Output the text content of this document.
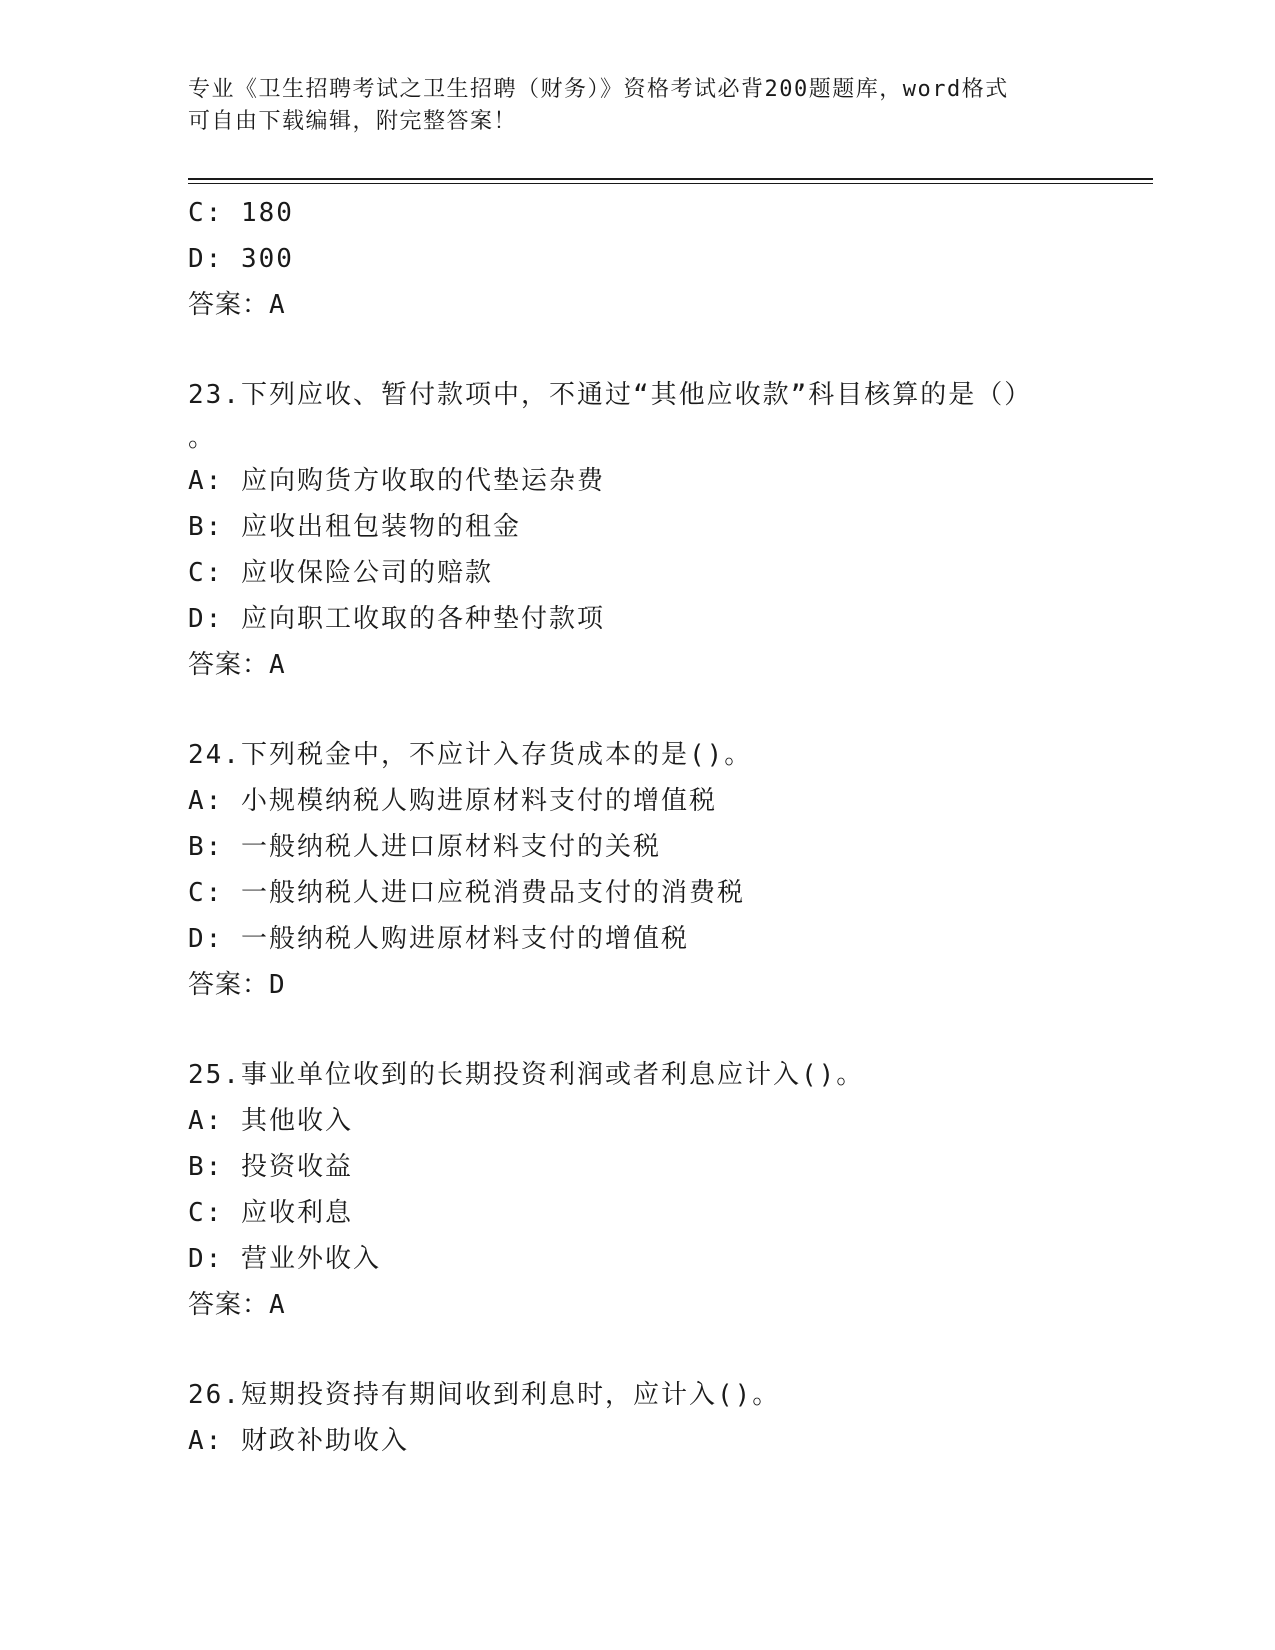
专业《卫生招聘考试之卫生招聘（财务）》资格考试必背200题题库，word格式
可自由下载编辑，附完整答案！
C: 180
D: 300
答案：A
23.下列应收、暂付款项中，不通过“其他应收款”科目核算的是（）
。
A: 应向购货方收取的代垫运杂费
B: 应收出租包装物的租金
C: 应收保险公司的赔款
D: 应向职工收取的各种垫付款项
答案：A
24.下列税金中，不应计入存货成本的是()。
A: 小规模纳税人购进原材料支付的增值税
B: 一般纳税人进口原材料支付的关税
C: 一般纳税人进口应税消费品支付的消费税
D: 一般纳税人购进原材料支付的增值税
答案：D
25.事业单位收到的长期投资利润或者利息应计入()。
A: 其他收入
B: 投资收益
C: 应收利息
D: 营业外收入
答案：A
26.短期投资持有期间收到利息时，应计入()。
A: 财政补助收入
